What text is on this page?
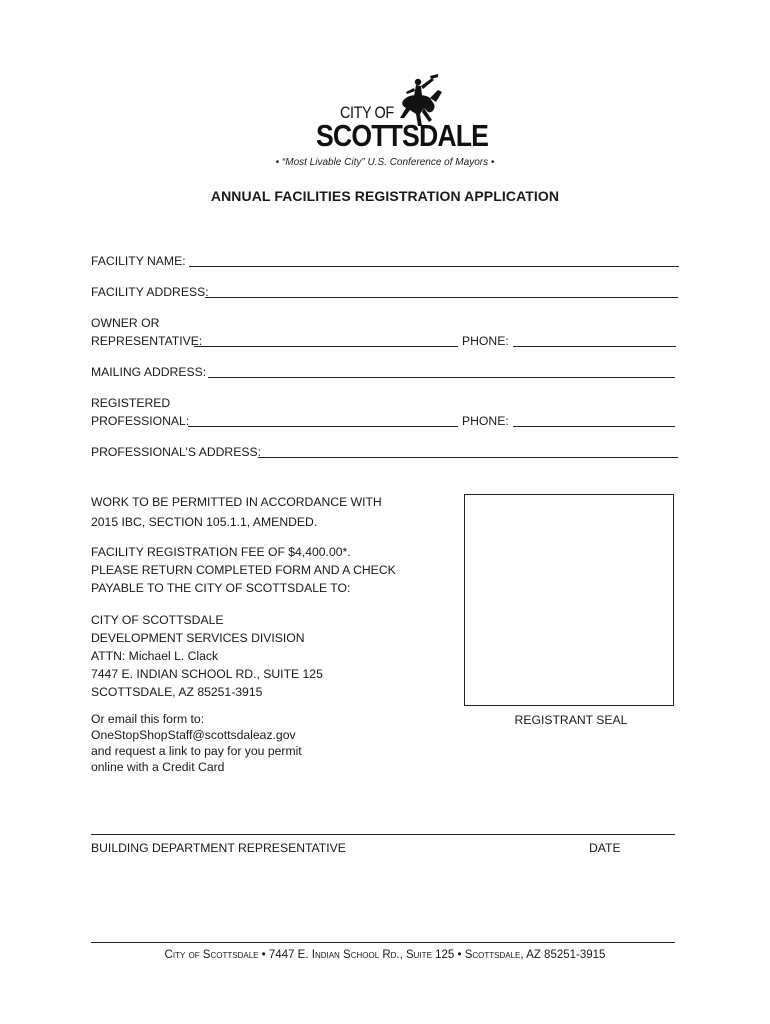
CITY OF
SCOTTSDALE
• “Most Livable City” U.S. Conference of Mayors •
ANNUAL FACILITIES REGISTRATION APPLICATION
FACILITY NAME:
FACILITY ADDRESS:
OWNER OR
REPRESENTATIVE:	PHONE:
MAILING ADDRESS:
REGISTERED
PROFESSIONAL:	PHONE:
PROFESSIONAL’S ADDRESS:
WORK TO BE PERMITTED IN ACCORDANCE WITH
2015 IBC, SECTION 105.1.1, AMENDED.
FACILITY REGISTRATION FEE OF $4,400.00*.
PLEASE RETURN COMPLETED FORM AND A CHECK
PAYABLE TO THE CITY OF SCOTTSDALE TO:
CITY OF SCOTTSDALE
DEVELOPMENT SERVICES DIVISION
ATTN: Michael L. Clack
7447 E. INDIAN SCHOOL RD., SUITE 125
SCOTTSDALE, AZ 85251-3915
Or email this form to:
OneStopShopStaff@scottsdaleaz.gov
and request a link to pay for you permit
online with a Credit Card
REGISTRANT SEAL
BUILDING DEPARTMENT REPRESENTATIVE	DATE
City of Scottsdale • 7447 E. Indian School Rd., Suite 125 • Scottsdale, AZ 85251-3915
